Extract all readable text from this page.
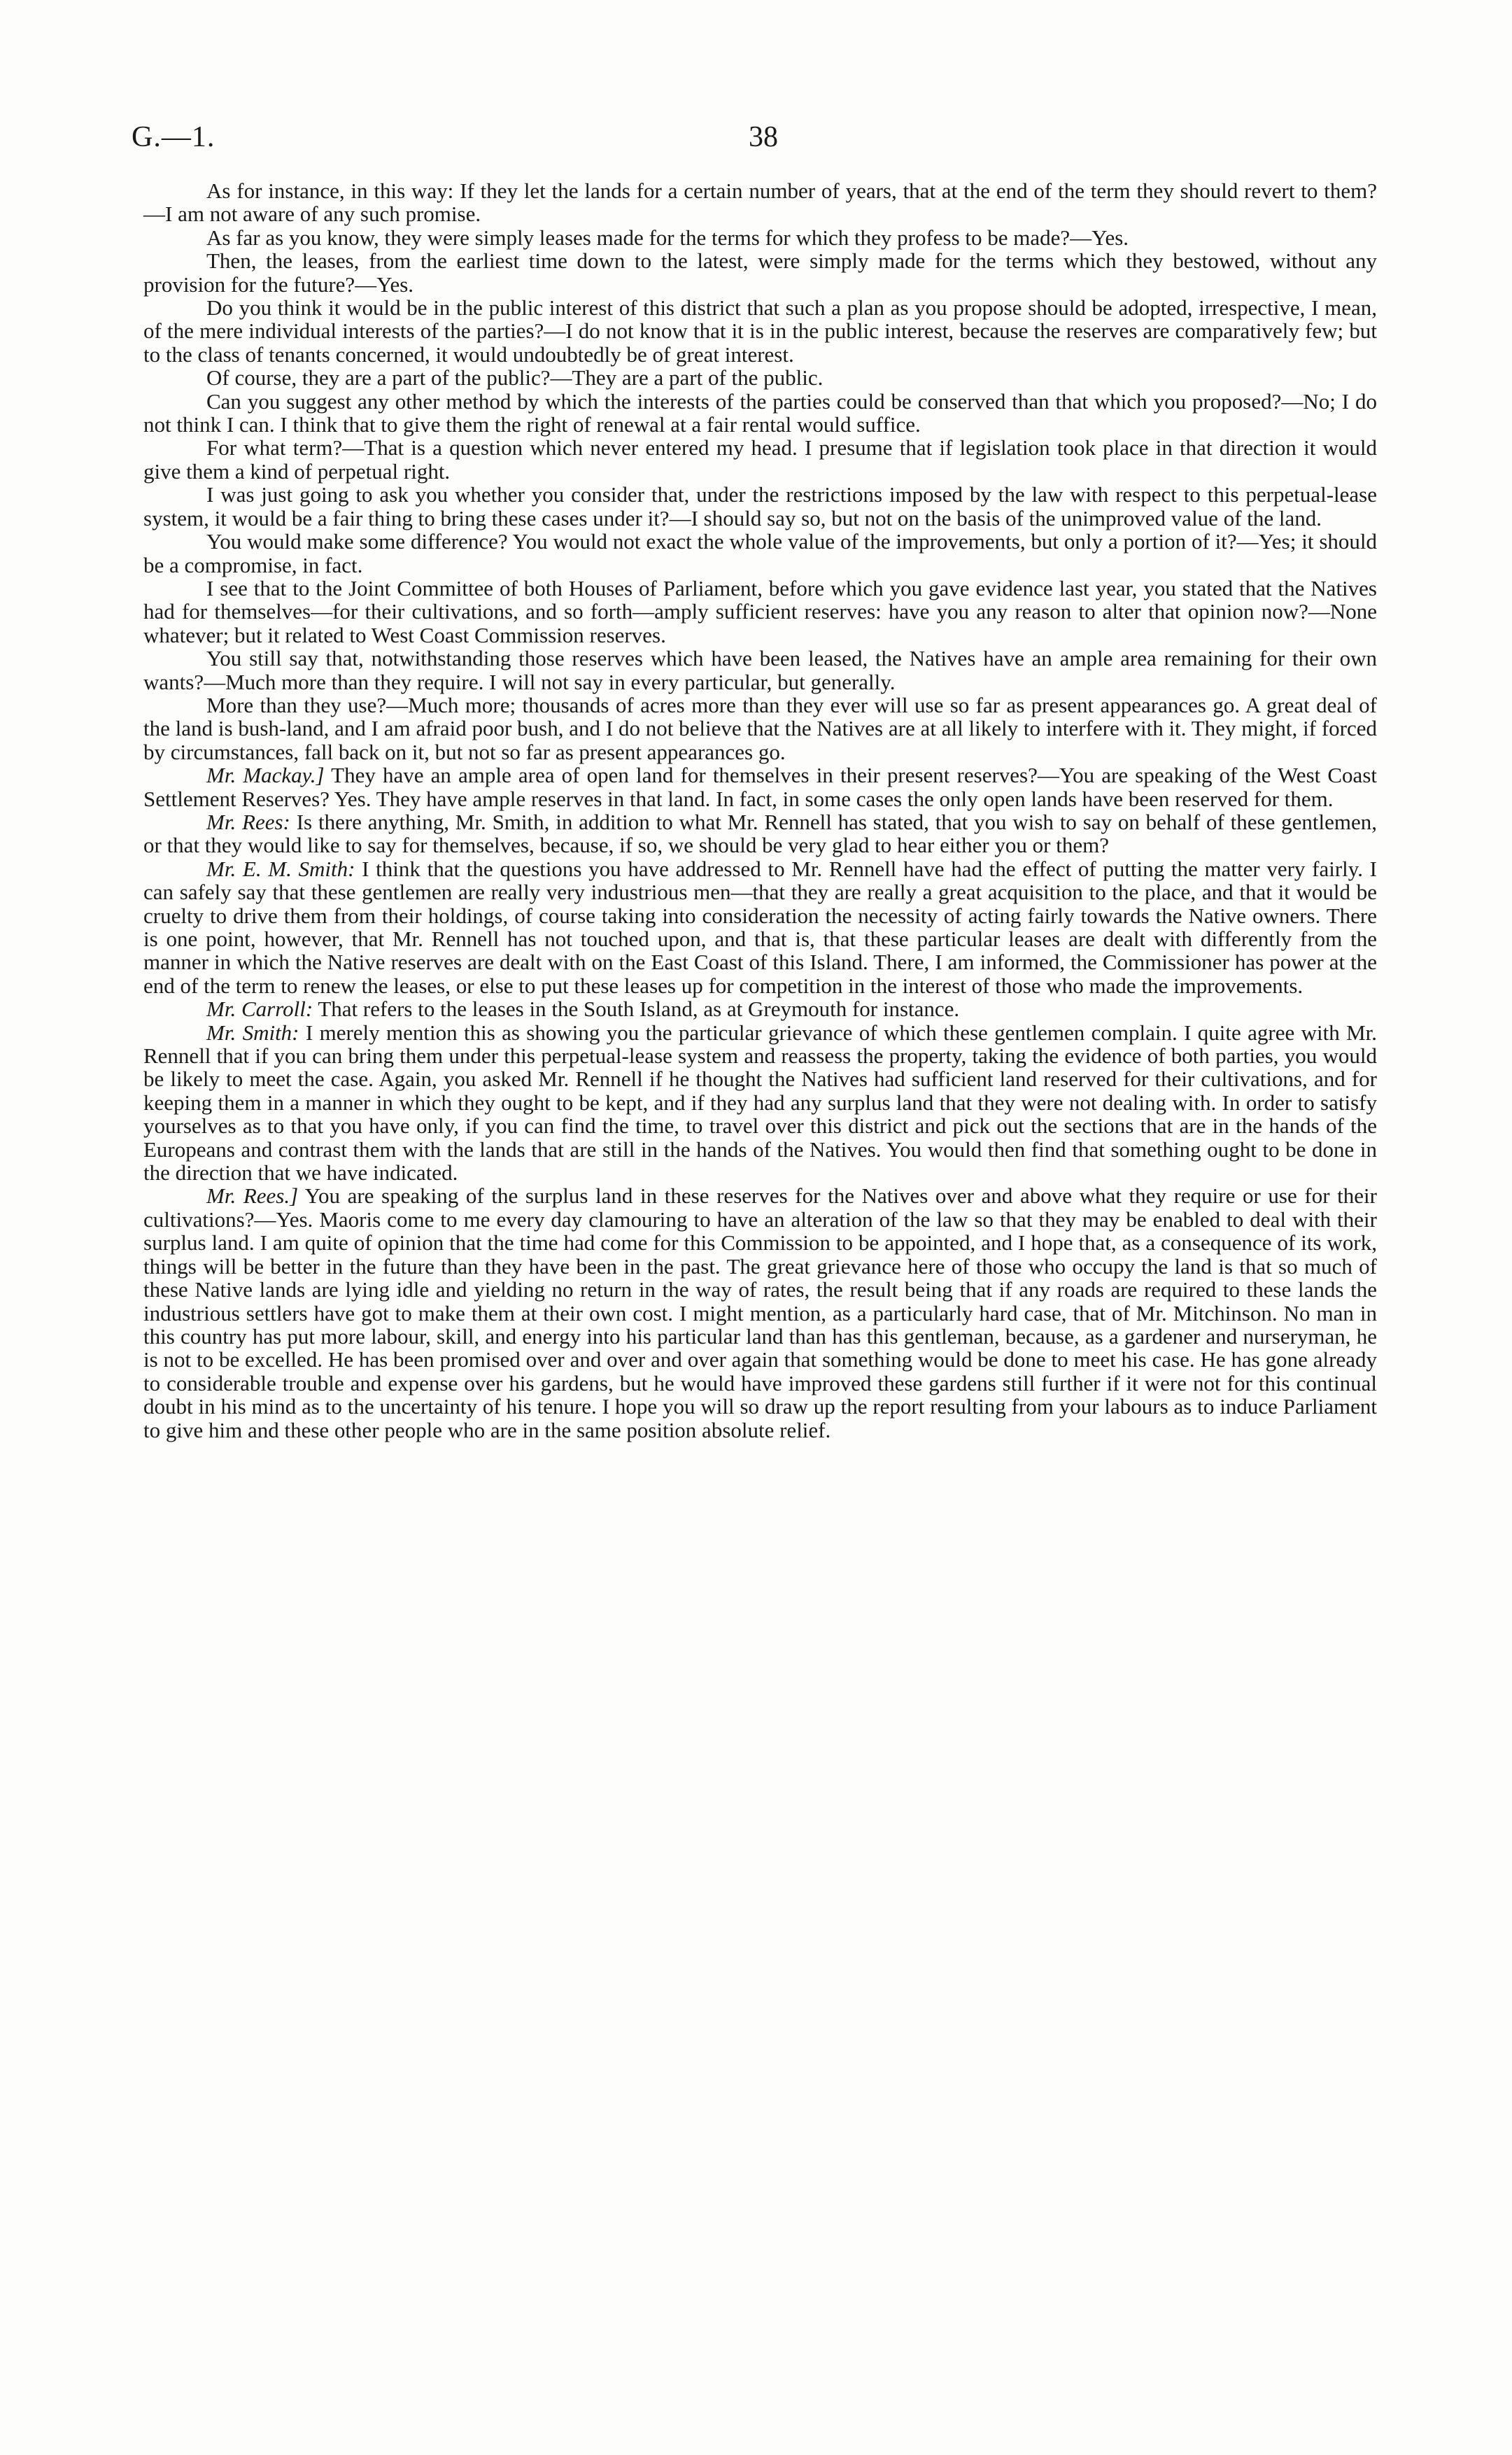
G.—1.	38

As for instance, in this way: If they let the lands for a certain number of years, that at the end of the term they should revert to them?—I am not aware of any such promise.

As far as you know, they were simply leases made for the terms for which they profess to be made?—Yes.

Then, the leases, from the earliest time down to the latest, were simply made for the terms which they bestowed, without any provision for the future?—Yes.

Do you think it would be in the public interest of this district that such a plan as you propose should be adopted, irrespective, I mean, of the mere individual interests of the parties?—I do not know that it is in the public interest, because the reserves are comparatively few; but to the class of tenants concerned, it would undoubtedly be of great interest.

Of course, they are a part of the public?—They are a part of the public.

Can you suggest any other method by which the interests of the parties could be conserved than that which you proposed?—No; I do not think I can. I think that to give them the right of renewal at a fair rental would suffice.

For what term?—That is a question which never entered my head. I presume that if legislation took place in that direction it would give them a kind of perpetual right.

I was just going to ask you whether you consider that, under the restrictions imposed by the law with respect to this perpetual-lease system, it would be a fair thing to bring these cases under it?—I should say so, but not on the basis of the unimproved value of the land.

You would make some difference? You would not exact the whole value of the improvements, but only a portion of it?—Yes; it should be a compromise, in fact.

I see that to the Joint Committee of both Houses of Parliament, before which you gave evidence last year, you stated that the Natives had for themselves—for their cultivations, and so forth—amply sufficient reserves: have you any reason to alter that opinion now?—None whatever; but it related to West Coast Commission reserves.

You still say that, notwithstanding those reserves which have been leased, the Natives have an ample area remaining for their own wants?—Much more than they require. I will not say in every particular, but generally.

More than they use?—Much more; thousands of acres more than they ever will use so far as present appearances go. A great deal of the land is bush-land, and I am afraid poor bush, and I do not believe that the Natives are at all likely to interfere with it. They might, if forced by circumstances, fall back on it, but not so far as present appearances go.

Mr. Mackay.] They have an ample area of open land for themselves in their present reserves?—You are speaking of the West Coast Settlement Reserves? Yes. They have ample reserves in that land. In fact, in some cases the only open lands have been reserved for them.

Mr. Rees: Is there anything, Mr. Smith, in addition to what Mr. Rennell has stated, that you wish to say on behalf of these gentlemen, or that they would like to say for themselves, because, if so, we should be very glad to hear either you or them?

Mr. E. M. Smith: I think that the questions you have addressed to Mr. Rennell have had the effect of putting the matter very fairly. I can safely say that these gentlemen are really very industrious men—that they are really a great acquisition to the place, and that it would be cruelty to drive them from their holdings, of course taking into consideration the necessity of acting fairly towards the Native owners. There is one point, however, that Mr. Rennell has not touched upon, and that is, that these particular leases are dealt with differently from the manner in which the Native reserves are dealt with on the East Coast of this Island. There, I am informed, the Commissioner has power at the end of the term to renew the leases, or else to put these leases up for competition in the interest of those who made the improvements.

Mr. Carroll: That refers to the leases in the South Island, as at Greymouth for instance.

Mr. Smith: I merely mention this as showing you the particular grievance of which these gentlemen complain. I quite agree with Mr. Rennell that if you can bring them under this perpetual-lease system and reassess the property, taking the evidence of both parties, you would be likely to meet the case. Again, you asked Mr. Rennell if he thought the Natives had sufficient land reserved for their cultivations, and for keeping them in a manner in which they ought to be kept, and if they had any surplus land that they were not dealing with. In order to satisfy yourselves as to that you have only, if you can find the time, to travel over this district and pick out the sections that are in the hands of the Europeans and contrast them with the lands that are still in the hands of the Natives. You would then find that something ought to be done in the direction that we have indicated.

Mr. Rees.] You are speaking of the surplus land in these reserves for the Natives over and above what they require or use for their cultivations?—Yes. Maoris come to me every day clamouring to have an alteration of the law so that they may be enabled to deal with their surplus land. I am quite of opinion that the time had come for this Commission to be appointed, and I hope that, as a consequence of its work, things will be better in the future than they have been in the past. The great grievance here of those who occupy the land is that so much of these Native lands are lying idle and yielding no return in the way of rates, the result being that if any roads are required to these lands the industrious settlers have got to make them at their own cost. I might mention, as a particularly hard case, that of Mr. Mitchinson. No man in this country has put more labour, skill, and energy into his particular land than has this gentleman, because, as a gardener and nurseryman, he is not to be excelled. He has been promised over and over and over again that something would be done to meet his case. He has gone already to considerable trouble and expense over his gardens, but he would have improved these gardens still further if it were not for this continual doubt in his mind as to the uncertainty of his tenure. I hope you will so draw up the report resulting from your labours as to induce Parliament to give him and these other people who are in the same position absolute relief.
